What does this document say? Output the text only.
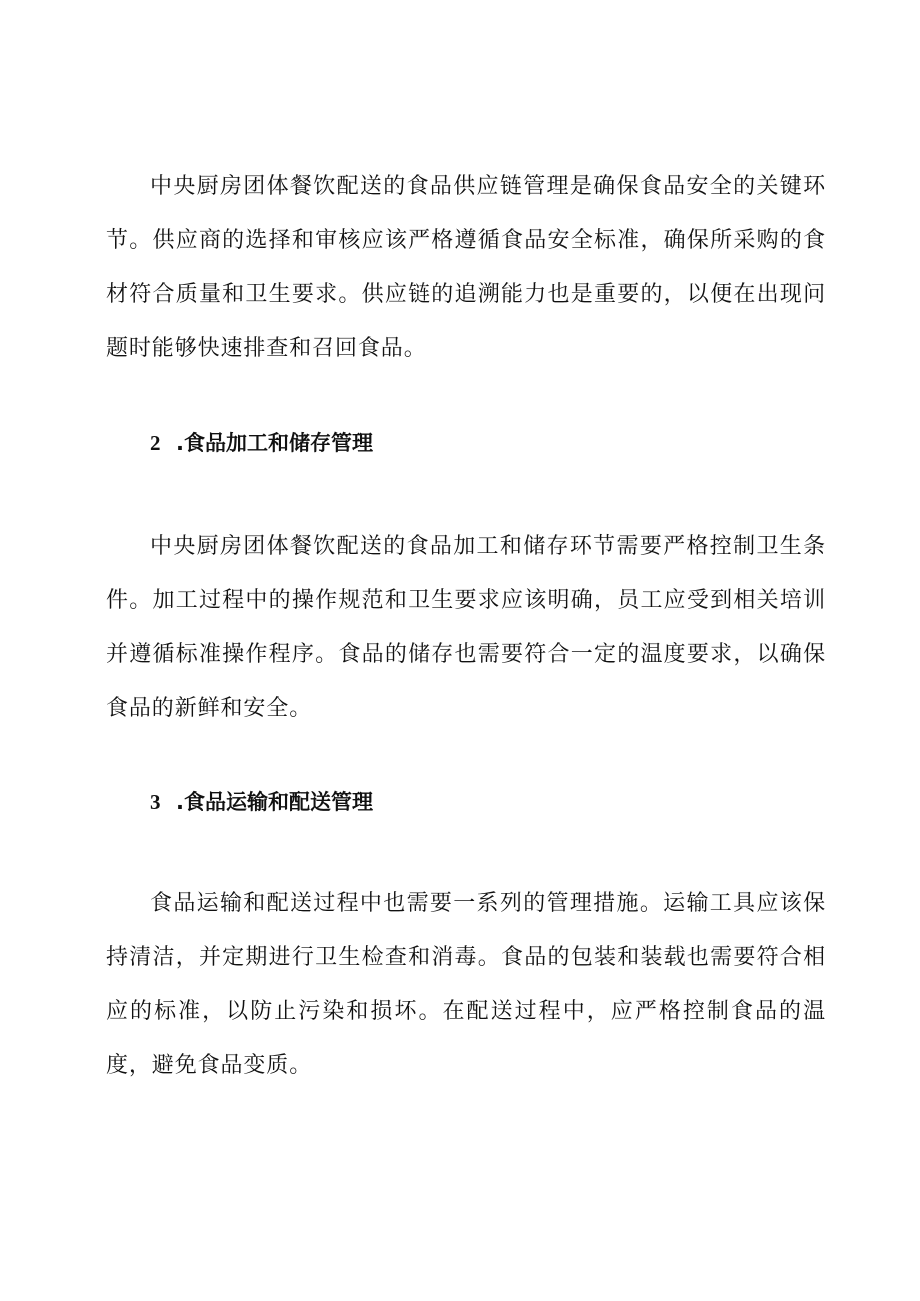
中央厨房团体餐饮配送的食品供应链管理是确保食品安全的关键环节。供应商的选择和审核应该严格遵循食品安全标准，确保所采购的食材符合质量和卫生要求。供应链的追溯能力也是重要的，以便在出现问题时能够快速排查和召回食品。

2 .食品加工和储存管理

中央厨房团体餐饮配送的食品加工和储存环节需要严格控制卫生条件。加工过程中的操作规范和卫生要求应该明确，员工应受到相关培训并遵循标准操作程序。食品的储存也需要符合一定的温度要求，以确保食品的新鲜和安全。

3 .食品运输和配送管理

食品运输和配送过程中也需要一系列的管理措施。运输工具应该保持清洁，并定期进行卫生检查和消毒。食品的包装和装载也需要符合相应的标准，以防止污染和损坏。在配送过程中，应严格控制食品的温度，避免食品变质。
